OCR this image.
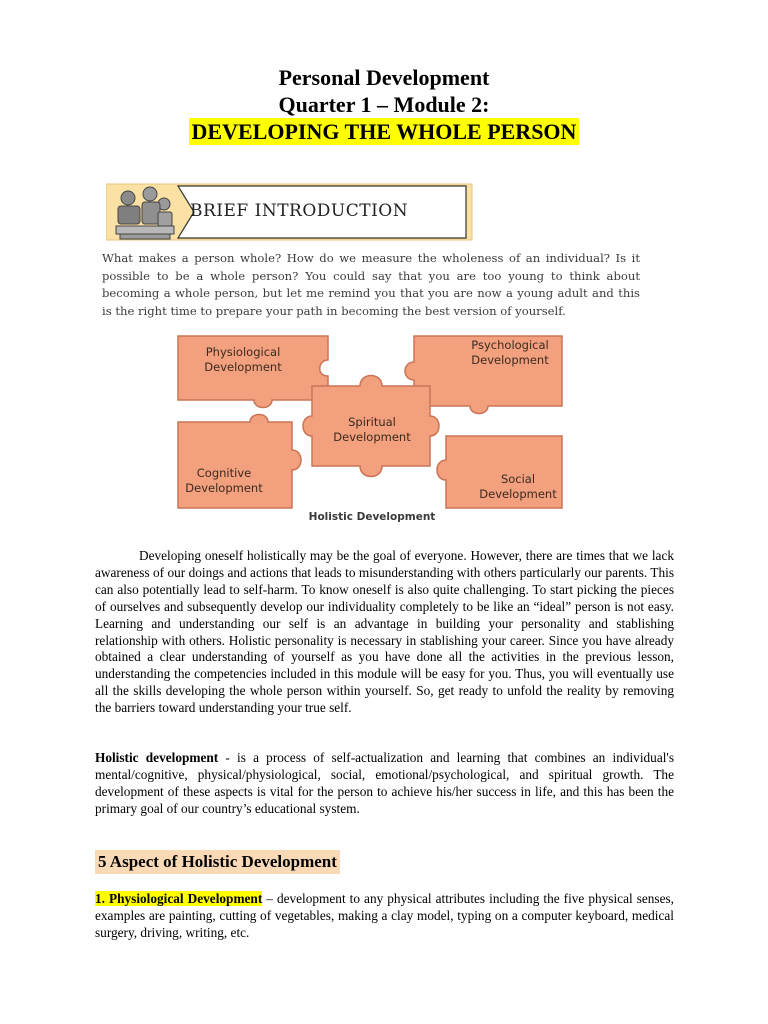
Personal Development
Quarter 1 – Module 2:
DEVELOPING THE WHOLE PERSON
BRIEF INTRODUCTION
What makes a person whole? How do we measure the wholeness of an individual? Is it possible to be a whole person? You could say that you are too young to think about becoming a whole person, but let me remind you that you are now a young adult and this is the right time to prepare your path in becoming the best version of yourself.
Physiological
Development
Psychological
Development
Spiritual
Development
Cognitive
Development
Social
Development
Holistic Development
Developing oneself holistically may be the goal of everyone. However, there are times that we lack awareness of our doings and actions that leads to misunderstanding with others particularly our parents. This can also potentially lead to self-harm. To know oneself is also quite challenging. To start picking the pieces of ourselves and subsequently develop our individuality completely to be like an “ideal” person is not easy. Learning and understanding our self is an advantage in building your personality and stablishing relationship with others. Holistic personality is necessary in stablishing your career. Since you have already obtained a clear understanding of yourself as you have done all the activities in the previous lesson, understanding the competencies included in this module will be easy for you. Thus, you will eventually use all the skills developing the whole person within yourself. So, get ready to unfold the reality by removing the barriers toward understanding your true self.
Holistic development - is a process of self-actualization and learning that combines an individual's mental/cognitive, physical/physiological, social, emotional/psychological, and spiritual growth. The development of these aspects is vital for the person to achieve his/her success in life, and this has been the primary goal of our country’s educational system.
5 Aspect of Holistic Development
1. Physiological Development – development to any physical attributes including the five physical senses, examples are painting, cutting of vegetables, making a clay model, typing on a computer keyboard, medical surgery, driving, writing, etc.
